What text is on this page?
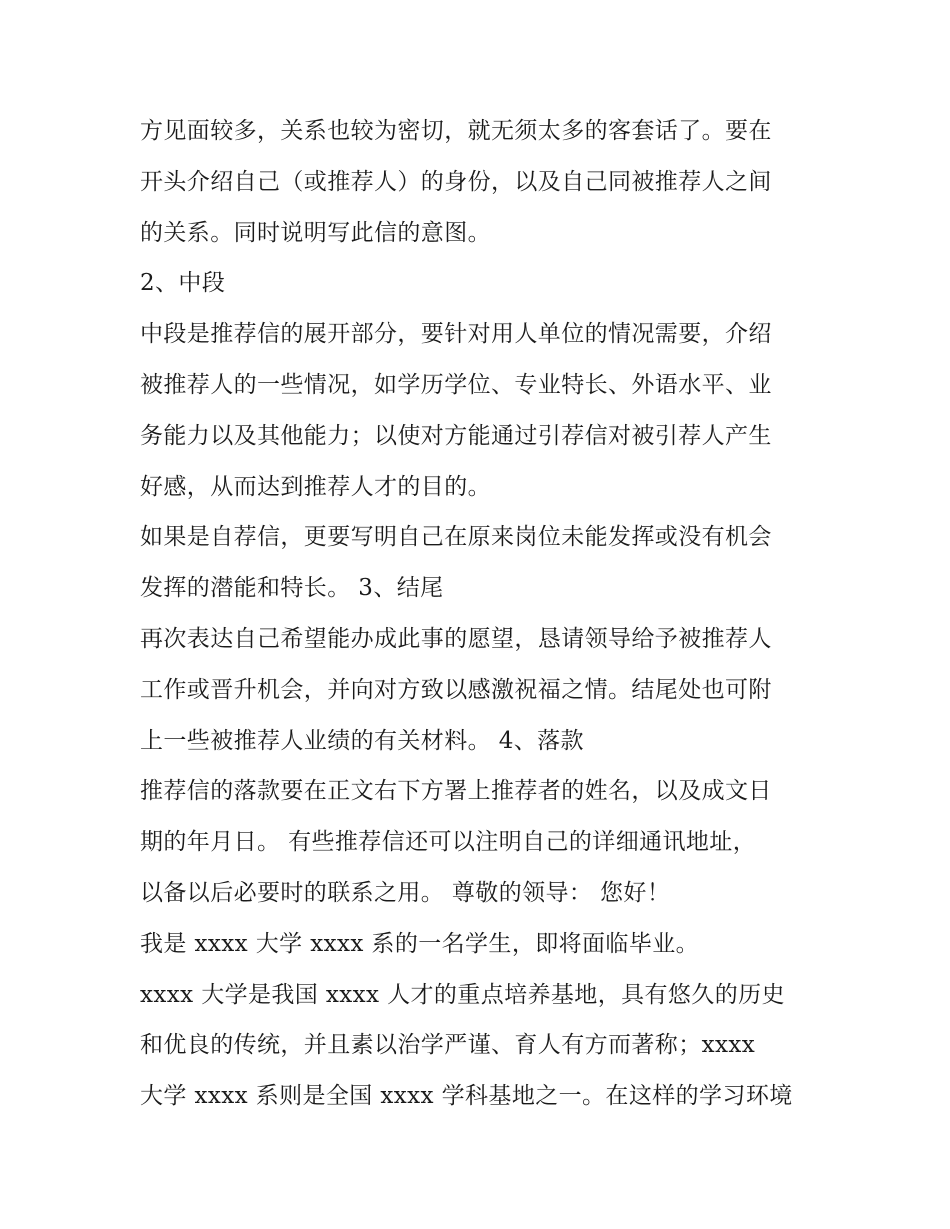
方见面较多，关系也较为密切，就无须太多的客套话了。要在
开头介绍自己（或推荐人）的身份，以及自己同被推荐人之间
的关系。同时说明写此信的意图。
2、中段
中段是推荐信的展开部分，要针对用人单位的情况需要，介绍
被推荐人的一些情况，如学历学位、专业特长、外语水平、业
务能力以及其他能力；以使对方能通过引荐信对被引荐人产生
好感，从而达到推荐人才的目的。
如果是自荐信，更要写明自己在原来岗位未能发挥或没有机会
发挥的潜能和特长。 3、结尾
再次表达自己希望能办成此事的愿望，恳请领导给予被推荐人
工作或晋升机会，并向对方致以感激祝福之情。结尾处也可附
上一些被推荐人业绩的有关材料。 4、落款
推荐信的落款要在正文右下方署上推荐者的姓名，以及成文日
期的年月日。 有些推荐信还可以注明自己的详细通讯地址，
以备以后必要时的联系之用。 尊敬的领导： 您好！
我是 xxxx 大学 xxxx 系的一名学生，即将面临毕业。
xxxx 大学是我国 xxxx 人才的重点培养基地，具有悠久的历史
和优良的传统，并且素以治学严谨、育人有方而著称；xxxx
大学 xxxx 系则是全国 xxxx 学科基地之一。在这样的学习环境
